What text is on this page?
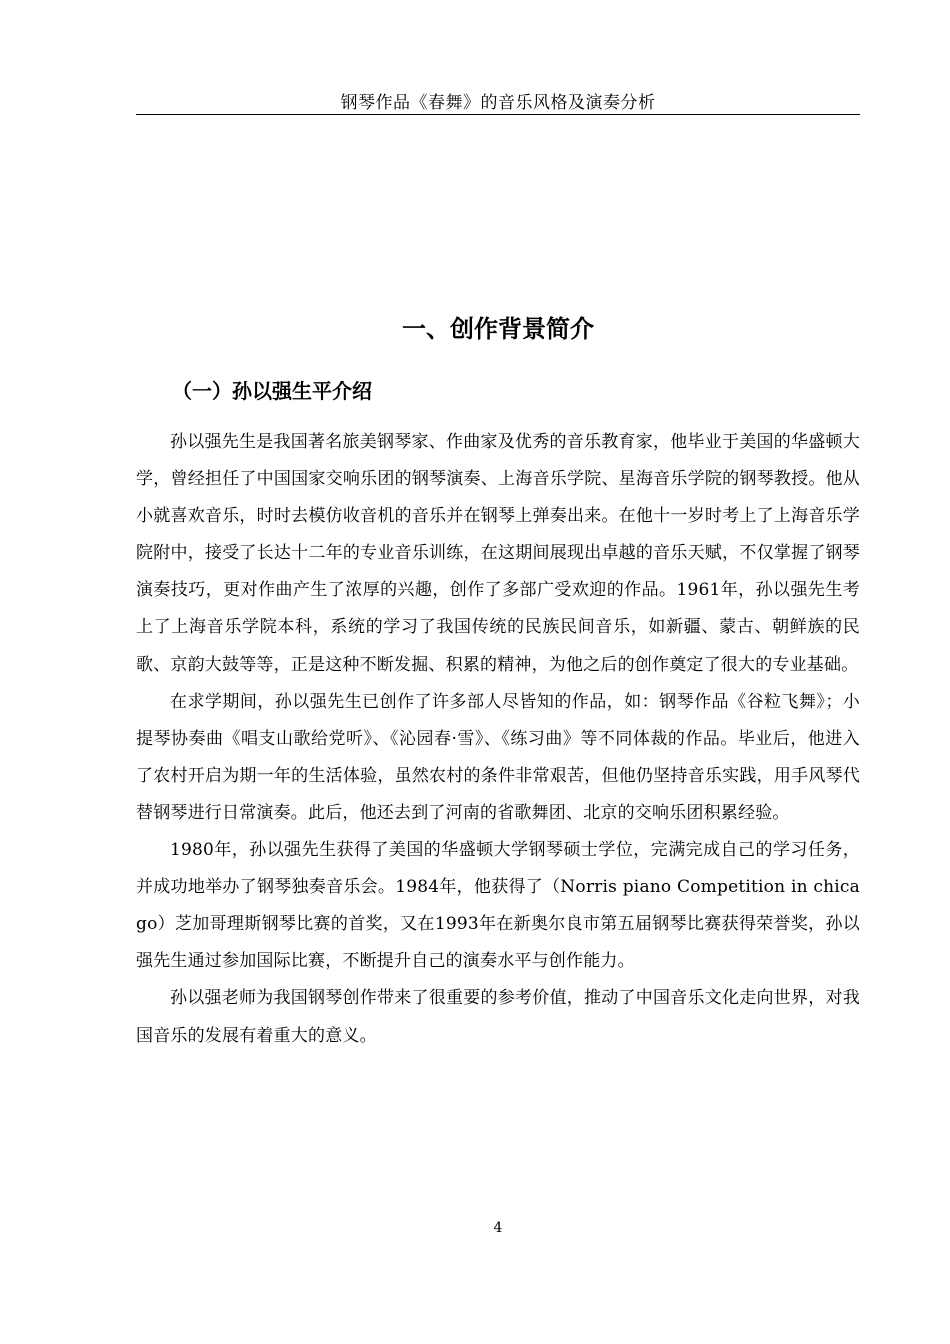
钢琴作品《春舞》的音乐风格及演奏分析
一、创作背景简介
（一）孙以强生平介绍

孙以强先生是我国著名旅美钢琴家、作曲家及优秀的音乐教育家，他毕业于美国的华盛顿大学，曾经担任了中国国家交响乐团的钢琴演奏、上海音乐学院、星海音乐学院的钢琴教授。他从小就喜欢音乐，时时去模仿收音机的音乐并在钢琴上弹奏出来。在他十一岁时考上了上海音乐学院附中，接受了长达十二年的专业音乐训练，在这期间展现出卓越的音乐天赋，不仅掌握了钢琴演奏技巧，更对作曲产生了浓厚的兴趣，创作了多部广受欢迎的作品。1961年，孙以强先生考上了上海音乐学院本科，系统的学习了我国传统的民族民间音乐，如新疆、蒙古、朝鲜族的民歌、京韵大鼓等等，正是这种不断发掘、积累的精神，为他之后的创作奠定了很大的专业基础。

在求学期间，孙以强先生已创作了许多部人尽皆知的作品，如：钢琴作品《谷粒飞舞》；小提琴协奏曲《唱支山歌给党听》、《沁园春·雪》、《练习曲》等不同体裁的作品。毕业后，他进入了农村开启为期一年的生活体验，虽然农村的条件非常艰苦，但他仍坚持音乐实践，用手风琴代替钢琴进行日常演奏。此后，他还去到了河南的省歌舞团、北京的交响乐团积累经验。

1980年，孙以强先生获得了美国的华盛顿大学钢琴硕士学位，完满完成自己的学习任务，并成功地举办了钢琴独奏音乐会。1984年，他获得了（Norris piano Competition in chicago）芝加哥理斯钢琴比赛的首奖，又在1993年在新奥尔良市第五届钢琴比赛获得荣誉奖，孙以强先生通过参加国际比赛，不断提升自己的演奏水平与创作能力。

孙以强老师为我国钢琴创作带来了很重要的参考价值，推动了中国音乐文化走向世界，对我国音乐的发展有着重大的意义。

4
